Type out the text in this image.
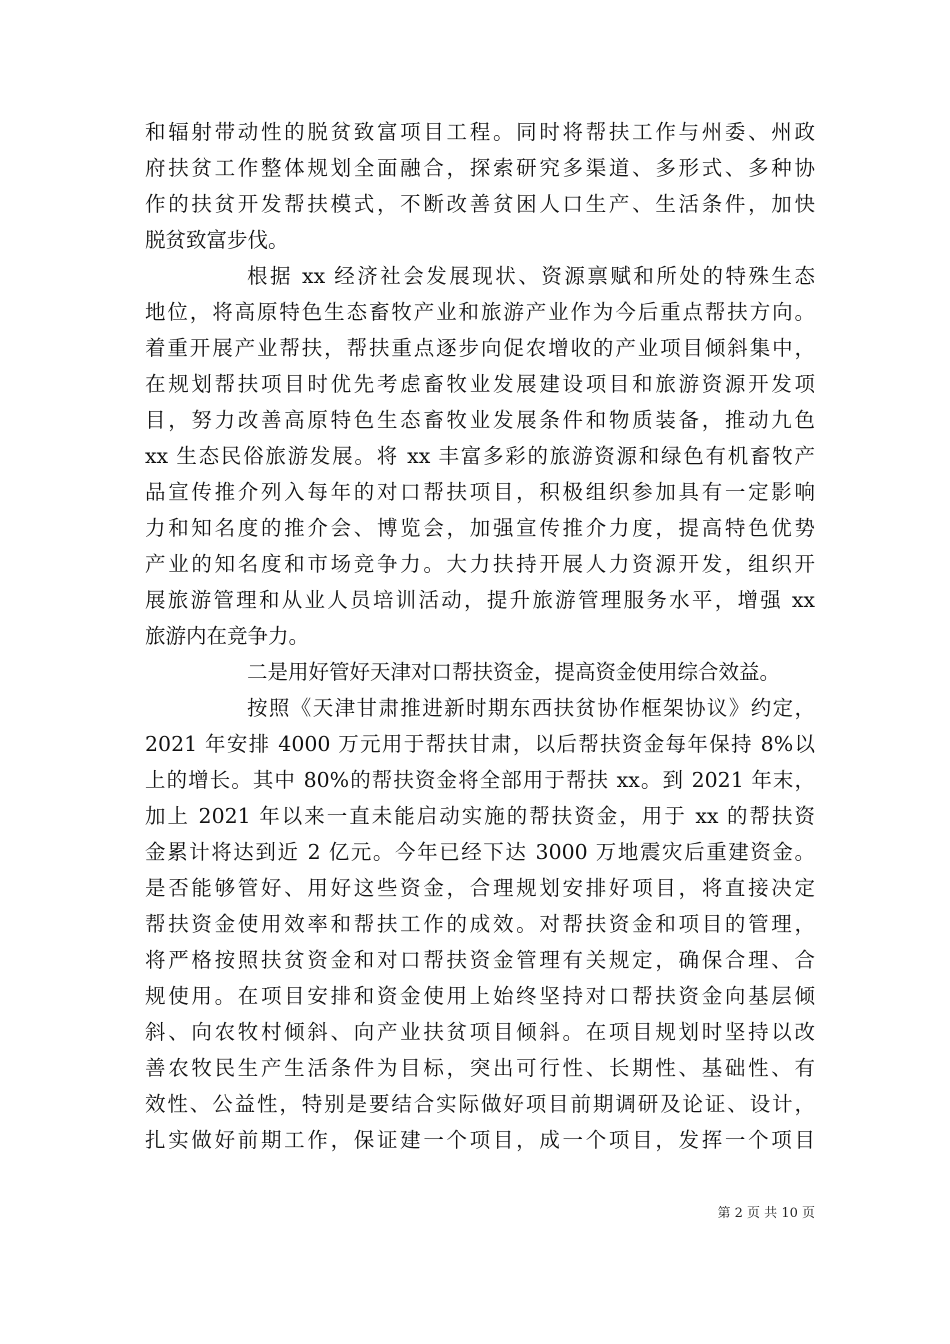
和辐射带动性的脱贫致富项目工程。同时将帮扶工作与州委、州政
府扶贫工作整体规划全面融合，探索研究多渠道、多形式、多种协
作的扶贫开发帮扶模式，不断改善贫困人口生产、生活条件，加快
脱贫致富步伐。
根据 xx 经济社会发展现状、资源禀赋和所处的特殊生态
地位，将高原特色生态畜牧产业和旅游产业作为今后重点帮扶方向。
着重开展产业帮扶，帮扶重点逐步向促农增收的产业项目倾斜集中，
在规划帮扶项目时优先考虑畜牧业发展建设项目和旅游资源开发项
目，努力改善高原特色生态畜牧业发展条件和物质装备，推动九色
xx 生态民俗旅游发展。将 xx 丰富多彩的旅游资源和绿色有机畜牧产
品宣传推介列入每年的对口帮扶项目，积极组织参加具有一定影响
力和知名度的推介会、博览会，加强宣传推介力度，提高特色优势
产业的知名度和市场竞争力。大力扶持开展人力资源开发，组织开
展旅游管理和从业人员培训活动，提升旅游管理服务水平，增强 xx
旅游内在竞争力。
二是用好管好天津对口帮扶资金，提高资金使用综合效益。
按照《天津甘肃推进新时期东西扶贫协作框架协议》约定，
2021 年安排 4000 万元用于帮扶甘肃，以后帮扶资金每年保持 8%以
上的增长。其中 80%的帮扶资金将全部用于帮扶 xx。到 2021 年末，
加上 2021 年以来一直未能启动实施的帮扶资金，用于 xx 的帮扶资
金累计将达到近 2 亿元。今年已经下达 3000 万地震灾后重建资金。
是否能够管好、用好这些资金，合理规划安排好项目，将直接决定
帮扶资金使用效率和帮扶工作的成效。对帮扶资金和项目的管理，
将严格按照扶贫资金和对口帮扶资金管理有关规定，确保合理、合
规使用。在项目安排和资金使用上始终坚持对口帮扶资金向基层倾
斜、向农牧村倾斜、向产业扶贫项目倾斜。在项目规划时坚持以改
善农牧民生产生活条件为目标，突出可行性、长期性、基础性、有
效性、公益性，特别是要结合实际做好项目前期调研及论证、设计，
扎实做好前期工作，保证建一个项目，成一个项目，发挥一个项目
第 2 页 共 10 页
